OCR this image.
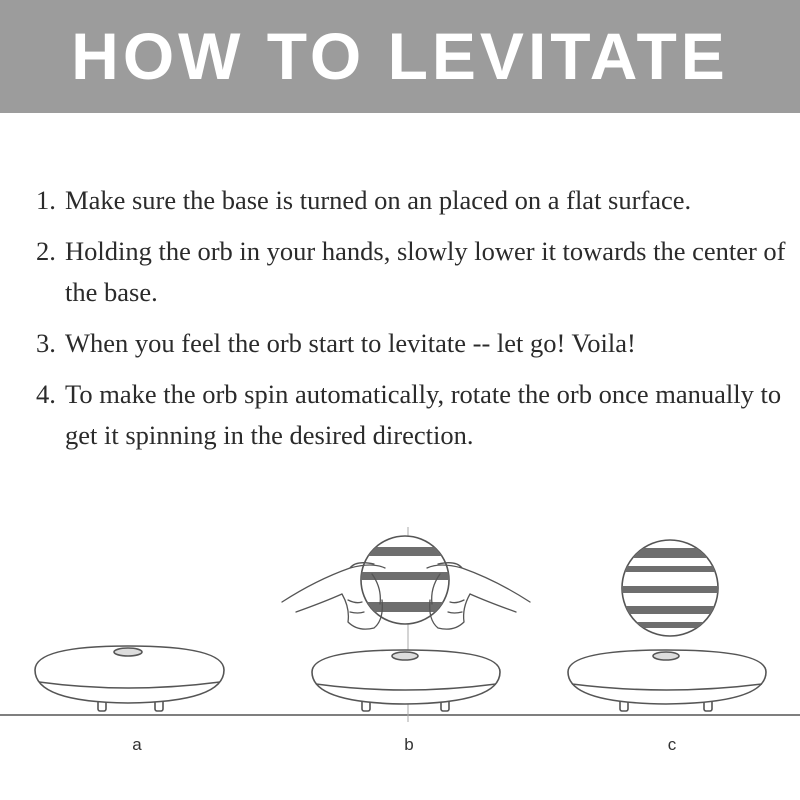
HOW TO LEVITATE
1. Make sure the base is turned on an placed on a flat surface.
2. Holding the orb in your hands, slowly lower it towards the center of the base.
3. When you feel the orb start to levitate -- let go! Voila!
4. To make the orb spin automatically, rotate the orb once manually to get it spinning in the desired direction.
a	b	c
